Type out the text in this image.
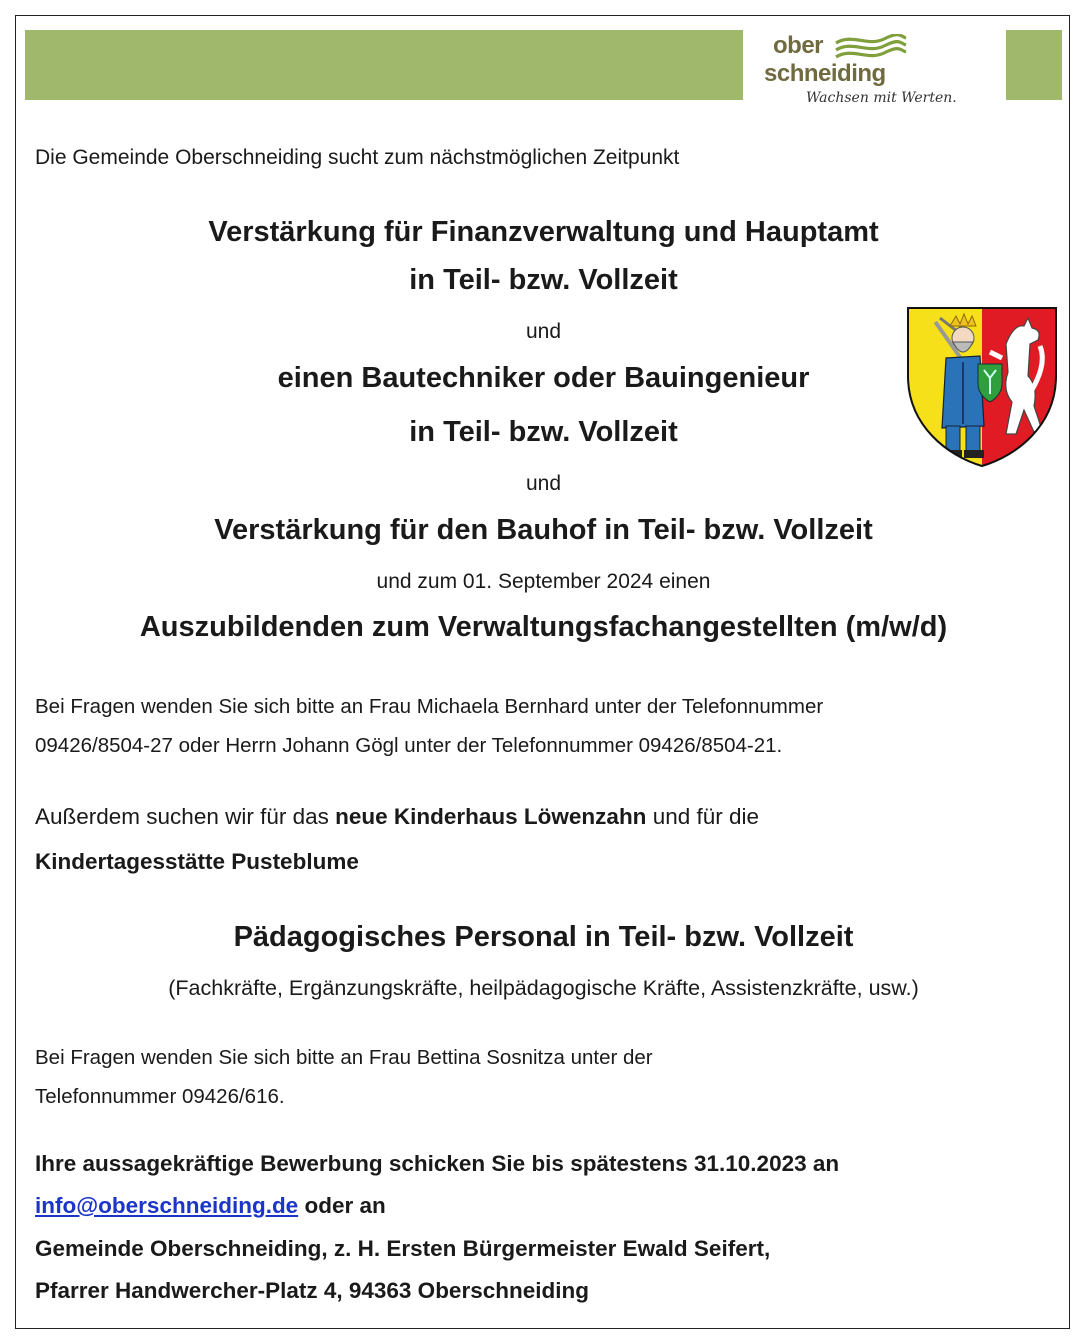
ober
schneiding
Wachsen mit Werten.

Die Gemeinde Oberschneiding sucht zum nächstmöglichen Zeitpunkt

Verstärkung für Finanzverwaltung und Hauptamt

in Teil- bzw. Vollzeit

und

einen Bautechniker oder Bauingenieur

in Teil- bzw. Vollzeit

und

Verstärkung für den Bauhof in Teil- bzw. Vollzeit

und zum 01. September 2024 einen

Auszubildenden zum Verwaltungsfachangestellten (m/w/d)

Bei Fragen wenden Sie sich bitte an Frau Michaela Bernhard unter der Telefonnummer

09426/8504-27 oder Herrn Johann Gögl unter der Telefonnummer 09426/8504-21.

Außerdem suchen wir für das neue Kinderhaus Löwenzahn und für die

Kindertagesstätte Pusteblume

Pädagogisches Personal in Teil- bzw. Vollzeit

(Fachkräfte, Ergänzungskräfte, heilpädagogische Kräfte, Assistenzkräfte, usw.)

Bei Fragen wenden Sie sich bitte an Frau Bettina Sosnitza unter der

Telefonnummer 09426/616.

Ihre aussagekräftige Bewerbung schicken Sie bis spätestens 31.10.2023 an

info@oberschneiding.de oder an

Gemeinde Oberschneiding, z. H. Ersten Bürgermeister Ewald Seifert,

Pfarrer Handwercher-Platz 4, 94363 Oberschneiding
